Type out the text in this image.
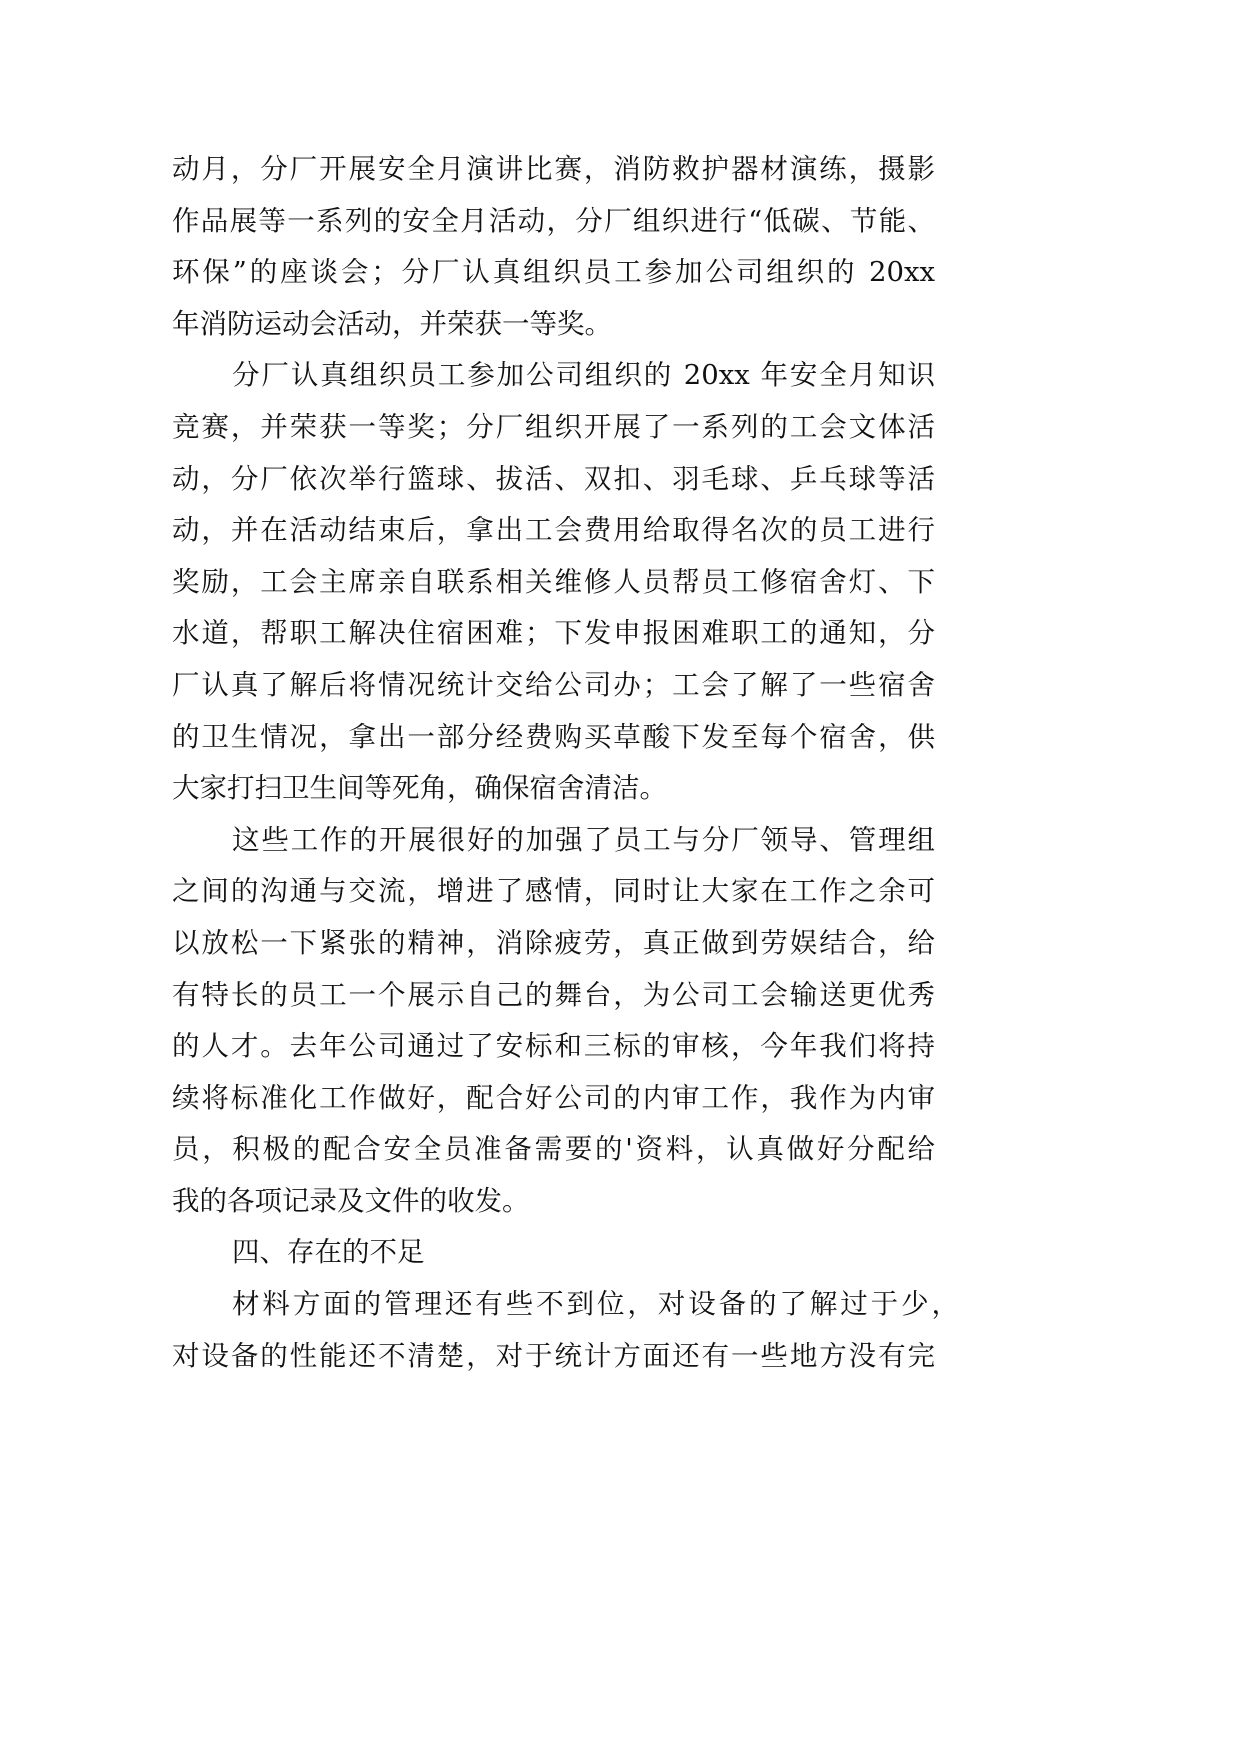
动月，分厂开展安全月演讲比赛，消防救护器材演练，摄影
作品展等一系列的安全月活动，分厂组织进行“低碳、节能、
环保”的座谈会；分厂认真组织员工参加公司组织的 20xx
年消防运动会活动，并荣获一等奖。
分厂认真组织员工参加公司组织的 20xx 年安全月知识
竞赛，并荣获一等奖；分厂组织开展了一系列的工会文体活
动，分厂依次举行篮球、拔活、双扣、羽毛球、乒乓球等活
动，并在活动结束后，拿出工会费用给取得名次的员工进行
奖励，工会主席亲自联系相关维修人员帮员工修宿舍灯、下
水道，帮职工解决住宿困难；下发申报困难职工的通知，分
厂认真了解后将情况统计交给公司办；工会了解了一些宿舍
的卫生情况，拿出一部分经费购买草酸下发至每个宿舍，供
大家打扫卫生间等死角，确保宿舍清洁。
这些工作的开展很好的加强了员工与分厂领导、管理组
之间的沟通与交流，增进了感情，同时让大家在工作之余可
以放松一下紧张的精神，消除疲劳，真正做到劳娱结合，给
有特长的员工一个展示自己的舞台，为公司工会输送更优秀
的人才。去年公司通过了安标和三标的审核，今年我们将持
续将标准化工作做好，配合好公司的内审工作，我作为内审
员，积极的配合安全员准备需要的'资料，认真做好分配给
我的各项记录及文件的收发。
四、存在的不足
材料方面的管理还有些不到位，对设备的了解过于少，
对设备的性能还不清楚，对于统计方面还有一些地方没有完
